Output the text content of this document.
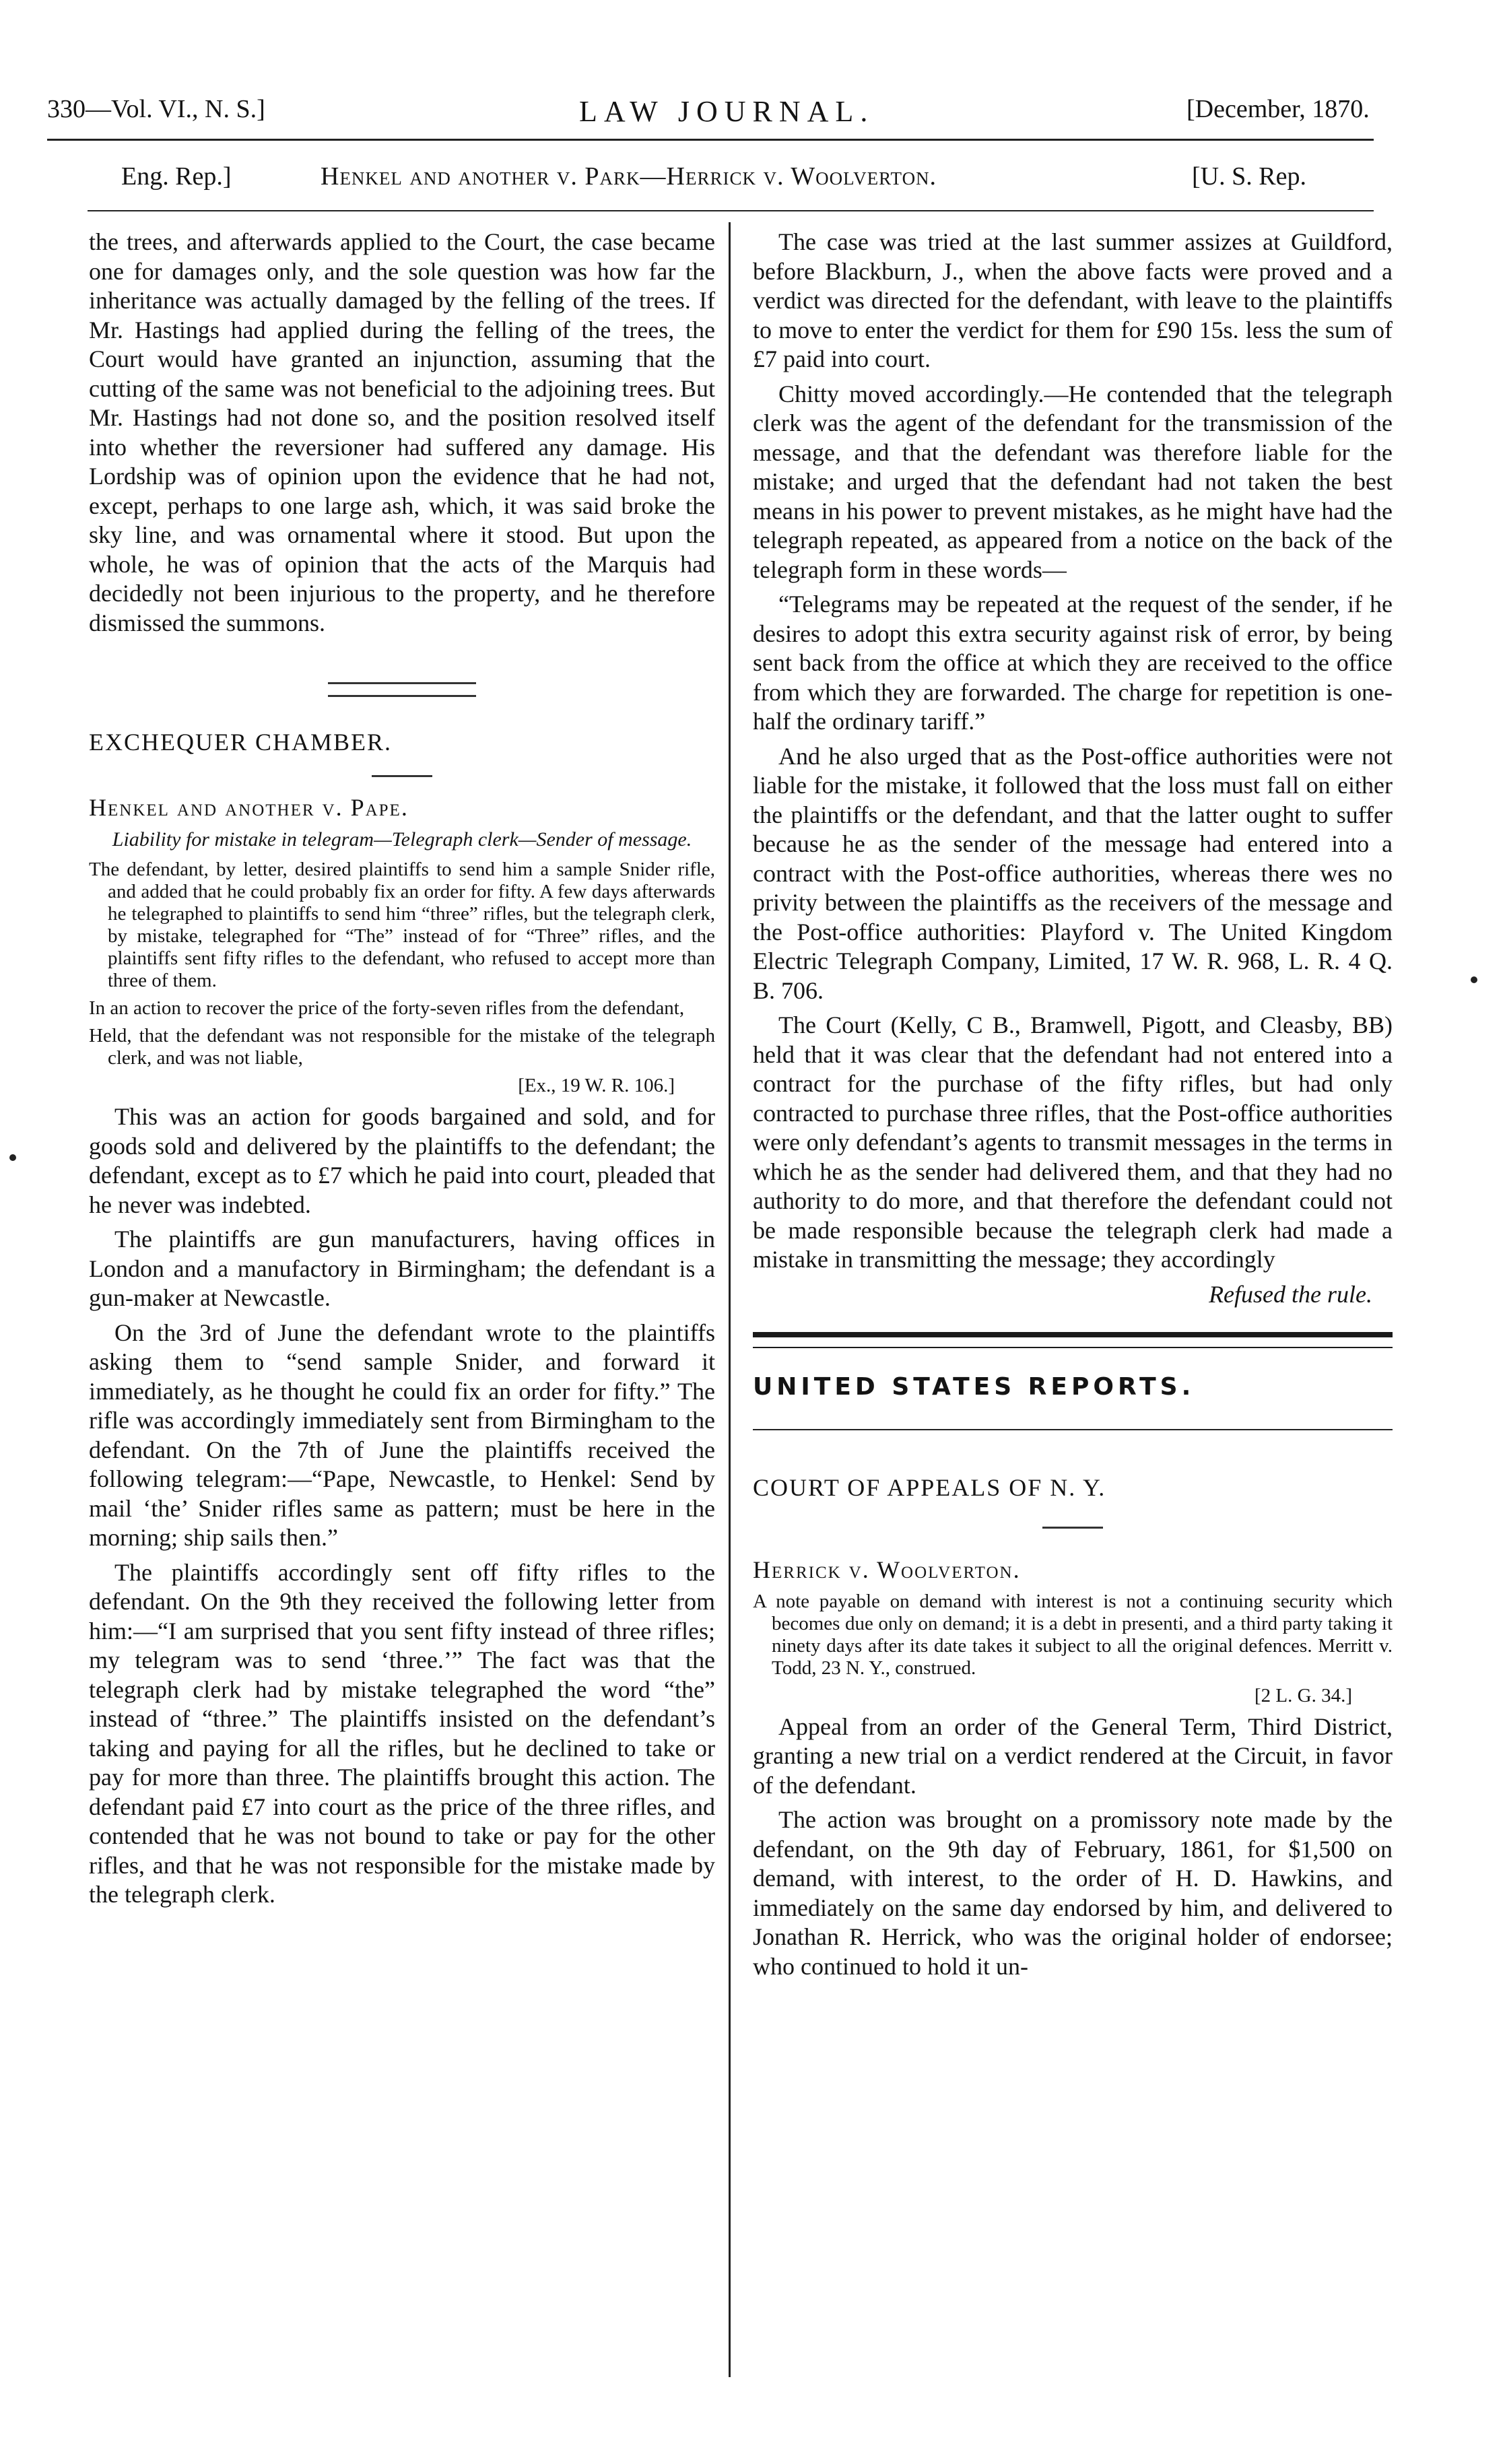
330—Vol. VI., N. S.]	LAW JOURNAL.	[December, 1870.
Eng. Rep.]	Henkel and another v. Park—Herrick v. Woolverton.	[U. S. Rep.

the trees, and afterwards applied to the Court, the case became one for damages only, and the sole question was how far the inheritance was actually damaged by the felling of the trees. If Mr. Hastings had applied during the felling of the trees, the Court would have granted an injunction, assuming that the cutting of the same was not beneficial to the adjoining trees. But Mr. Hastings had not done so, and the position resolved itself into whether the reversioner had suffered any damage. His Lordship was of opinion upon the evidence that he had not, except, perhaps to one large ash, which, it was said broke the sky line, and was ornamental where it stood. But upon the whole, he was of opinion that the acts of the Marquis had decidedly not been injurious to the property, and he therefore dismissed the summons.

EXCHEQUER CHAMBER.

Henkel and another v. Pape.

Liability for mistake in telegram—Telegraph clerk—Sender of message.

The defendant, by letter, desired plaintiffs to send him a sample Snider rifle, and added that he could probably fix an order for fifty. A few days afterwards he telegraphed to plaintiffs to send him “three” rifles, but the telegraph clerk, by mistake, telegraphed for “The” instead of for “Three” rifles, and the plaintiffs sent fifty rifles to the defendant, who refused to accept more than three of them.

In an action to recover the price of the forty-seven rifles from the defendant,

Held, that the defendant was not responsible for the mistake of the telegraph clerk, and was not liable,

[Ex., 19 W. R. 106.]

This was an action for goods bargained and sold, and for goods sold and delivered by the plaintiffs to the defendant; the defendant, except as to £7 which he paid into court, pleaded that he never was indebted.

The plaintiffs are gun manufacturers, having offices in London and a manufactory in Birmingham; the defendant is a gun-maker at Newcastle.

On the 3rd of June the defendant wrote to the plaintiffs asking them to “send sample Snider, and forward it immediately, as he thought he could fix an order for fifty.” The rifle was accordingly immediately sent from Birmingham to the defendant. On the 7th of June the plaintiffs received the following telegram:—“Pape, Newcastle, to Henkel: Send by mail ‘the’ Snider rifles same as pattern; must be here in the morning; ship sails then.”

The plaintiffs accordingly sent off fifty rifles to the defendant. On the 9th they received the following letter from him:—“I am surprised that you sent fifty instead of three rifles; my telegram was to send ‘three.’” The fact was that the telegraph clerk had by mistake telegraphed the word “the” instead of “three.” The plaintiffs insisted on the defendant’s taking and paying for all the rifles, but he declined to take or pay for more than three. The plaintiffs brought this action. The defendant paid £7 into court as the price of the three rifles, and contended that he was not bound to take or pay for the other rifles, and that he was not responsible for the mistake made by the telegraph clerk.

The case was tried at the last summer assizes at Guildford, before Blackburn, J., when the above facts were proved and a verdict was directed for the defendant, with leave to the plaintiffs to move to enter the verdict for them for £90 15s. less the sum of £7 paid into court.

Chitty moved accordingly.—He contended that the telegraph clerk was the agent of the defendant for the transmission of the message, and that the defendant was therefore liable for the mistake; and urged that the defendant had not taken the best means in his power to prevent mistakes, as he might have had the telegraph repeated, as appeared from a notice on the back of the telegraph form in these words—

“Telegrams may be repeated at the request of the sender, if he desires to adopt this extra security against risk of error, by being sent back from the office at which they are received to the office from which they are forwarded. The charge for repetition is one-half the ordinary tariff.”

And he also urged that as the Post-office authorities were not liable for the mistake, it followed that the loss must fall on either the plaintiffs or the defendant, and that the latter ought to suffer because he as the sender of the message had entered into a contract with the Post-office authorities, whereas there wes no privity between the plaintiffs as the receivers of the message and the Post-office authorities: Playford v. The United Kingdom Electric Telegraph Company, Limited, 17 W. R. 968, L. R. 4 Q. B. 706.

The Court (Kelly, C B., Bramwell, Pigott, and Cleasby, BB) held that it was clear that the defendant had not entered into a contract for the purchase of the fifty rifles, but had only contracted to purchase three rifles, that the Post-office authorities were only defendant’s agents to transmit messages in the terms in which he as the sender had delivered them, and that they had no authority to do more, and that therefore the defendant could not be made responsible because the telegraph clerk had made a mistake in transmitting the message; they accordingly

Refused the rule.

UNITED STATES REPORTS.

COURT OF APPEALS OF N. Y.

Herrick v. Woolverton.

A note payable on demand with interest is not a continuing security which becomes due only on demand; it is a debt in presenti, and a third party taking it ninety days after its date takes it subject to all the original defences. Merritt v. Todd, 23 N. Y., construed.

[2 L. G. 34.]

Appeal from an order of the General Term, Third District, granting a new trial on a verdict rendered at the Circuit, in favor of the defendant.

The action was brought on a promissory note made by the defendant, on the 9th day of February, 1861, for $1,500 on demand, with interest, to the order of H. D. Hawkins, and immediately on the same day endorsed by him, and delivered to Jonathan R. Herrick, who was the original holder of endorsee; who continued to hold it un-
